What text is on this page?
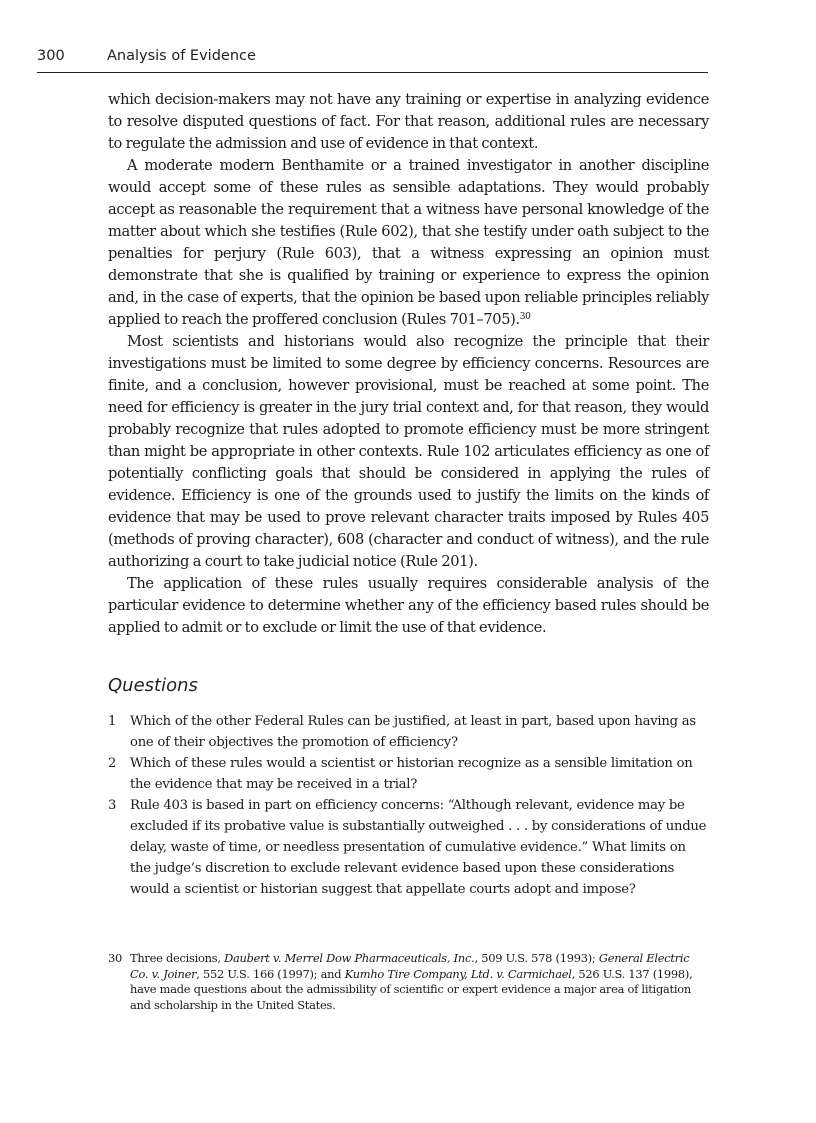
300	Analysis of Evidence

which decision-makers may not have any training or expertise in analyzing evidence to resolve disputed questions of fact. For that reason, additional rules are necessary to regulate the admission and use of evidence in that context.

A moderate modern Benthamite or a trained investigator in another discipline would accept some of these rules as sensible adaptations. They would probably accept as reasonable the requirement that a witness have personal knowledge of the matter about which she testifies (Rule 602), that she testify under oath subject to the penalties for perjury (Rule 603), that a witness expressing an opinion must demonstrate that she is qualified by training or experience to express the opinion and, in the case of experts, that the opinion be based upon reliable principles reliably applied to reach the proffered conclusion (Rules 701–705).$^{30}$

Most scientists and historians would also recognize the principle that their investigations must be limited to some degree by efficiency concerns. Resources are finite, and a conclusion, however provisional, must be reached at some point. The need for efficiency is greater in the jury trial context and, for that reason, they would probably recognize that rules adopted to promote efficiency must be more stringent than might be appropriate in other contexts. Rule 102 articulates efficiency as one of potentially conflicting goals that should be considered in applying the rules of evidence. Efficiency is one of the grounds used to justify the limits on the kinds of evidence that may be used to prove relevant character traits imposed by Rules 405 (methods of proving character), 608 (character and conduct of witness), and the rule authorizing a court to take judicial notice (Rule 201).

The application of these rules usually requires considerable analysis of the particular evidence to determine whether any of the efficiency based rules should be applied to admit or to exclude or limit the use of that evidence.

Questions
1	Which of the other Federal Rules can be justified, at least in part, based upon having as one of their objectives the promotion of efficiency?
2	Which of these rules would a scientist or historian recognize as a sensible limitation on the evidence that may be received in a trial?
3	Rule 403 is based in part on efficiency concerns: “Although relevant, evidence may be excluded if its probative value is substantially outweighed . . . by considerations of undue delay, waste of time, or needless presentation of cumulative evidence.” What limits on the judge’s discretion to exclude relevant evidence based upon these considerations would a scientist or historian suggest that appellate courts adopt and impose?
30 Three decisions, Daubert v. Merrel Dow Pharmaceuticals, Inc., 509 U.S. 578 (1993); General Electric Co. v. Joiner, 552 U.S. 166 (1997); and Kumho Tire Company, Ltd. v. Carmichael, 526 U.S. 137 (1998), have made questions about the admissibility of scientific or expert evidence a major area of litigation and scholarship in the United States.
